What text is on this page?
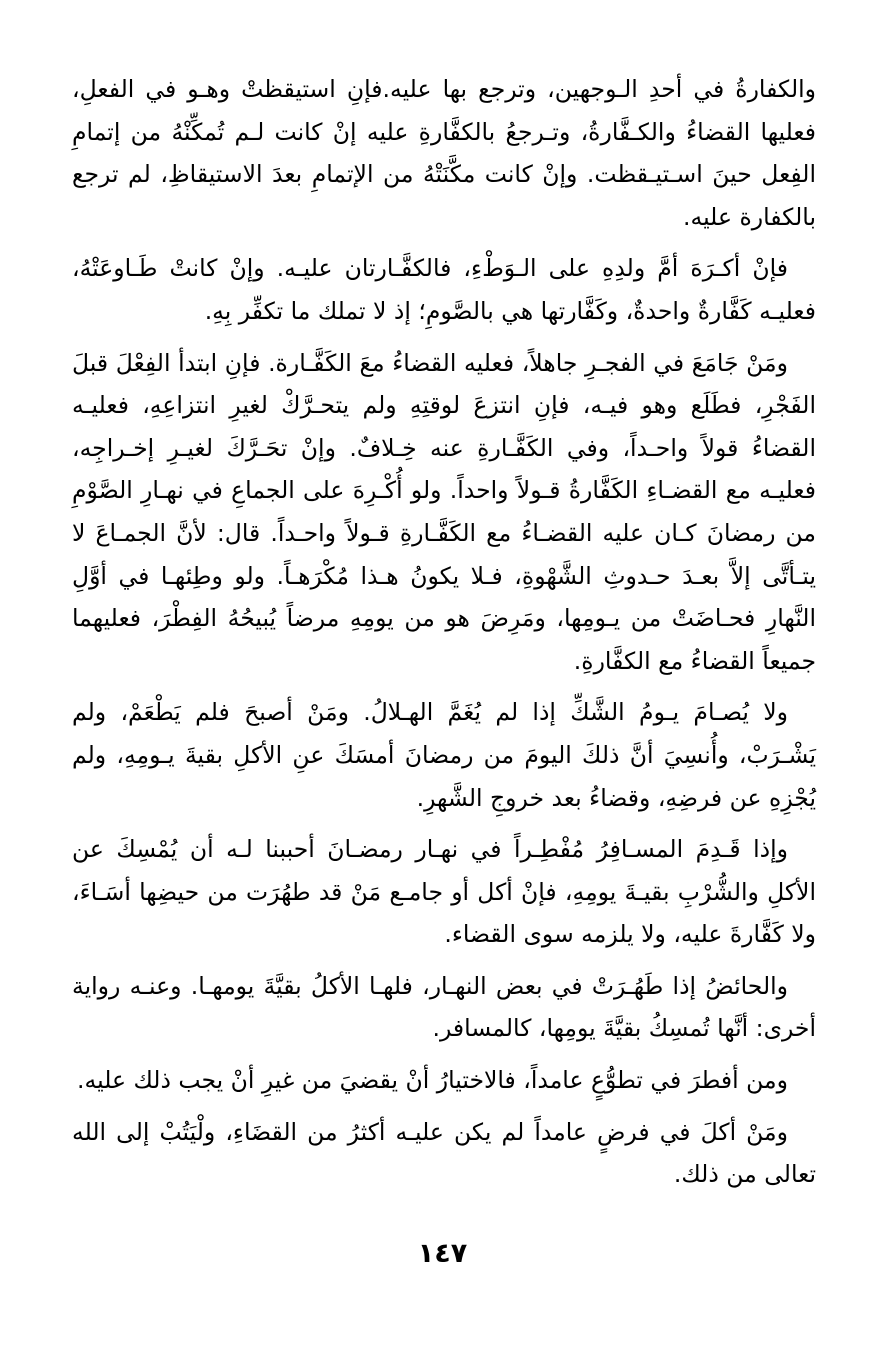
والكفارةُ في أحدِ الـوجهين، وترجع بها عليه.فإنِ استيقظتْ وهـو في الفعلِ، فعليها القضاءُ والكـفَّارةُ، وتـرجعُ بالكفَّارةِ عليه إنْ كانت لـم تُمكِّنْهُ من إتمامِ الفِعل حينَ اسـتيـقظت. وإنْ كانت مكَّنَتْهُ من الإتمامِ بعدَ الاستيقاظِ، لم ترجع بالكفارة عليه.

فإنْ أكـرَهَ أمَّ ولدِهِ على الـوَطْءِ، فالكفَّـارتان عليـه. وإنْ كانتْ طَـاوعَتْهُ، فعليـه كَفَّارةٌ واحدةٌ، وكَفَّارتها هي بالصَّومِ؛ إذ لا تملك ما تكفِّر بِهِ.

ومَنْ جَامَعَ في الفجـرِ جاهلاً، فعليه القضاءُ معَ الكَفَّـارة. فإنِ ابتدأ الفِعْلَ قبلَ الفَجْرِ، فطَلَع وهو فيـه، فإنِ انتزعَ لوقتِهِ ولم يتحـرَّكْ لغيرِ انتزاعِهِ، فعليـه القضاءُ قولاً واحـداً، وفي الكَفَّـارةِ عنه خِـلافٌ. وإنْ تحَـرَّكَ لغيـرِ إخـراجِه، فعليـه مع القضـاءِ الكَفَّارةُ قـولاً واحداً. ولو أُكْـرِهَ على الجماعِ في نهـارِ الصَّوْمِ من رمضانَ كـان عليه القضـاءُ مع الكَفَّـارةِ قـولاً واحـداً. قال: لأنَّ الجمـاعَ لا يتـأتَّى إلاَّ بعـدَ حـدوثِ الشَّهْوةِ، فـلا يكونُ هـذا مُكْرَهـاً. ولو وطِئهـا في أوَّلِ النَّهارِ فحـاضَتْ من يـومِها، ومَرِضَ هو من يومِهِ مرضاً يُبيحُهُ الفِطْرَ، فعليهما جميعاً القضاءُ مع الكفَّارةِ.

ولا يُصـامَ يـومُ الشَّكِّ إذا لم يُغَمَّ الهـلالُ. ومَنْ أصبحَ فلم يَطْعَمْ، ولم يَشْـرَبْ، وأُنسِيَ أنَّ ذلكَ اليومَ من رمضانَ أمسَكَ عنِ الأكلِ بقيةَ يـومِهِ، ولم يُجْزِهِ عن فرضِهِ، وقضاءُ بعد خروجِ الشَّهرِ.

وإذا قَـدِمَ المسـافِرُ مُفْطِـراً في نهـار رمضـانَ أحببنا لـه أن يُمْسِكَ عن الأكلِ والشُّرْبِ بقيـةَ يومِهِ، فإنْ أكل أو جامـع مَنْ قد طهُرَت من حيضِها أسَـاءَ، ولا كَفَّارةَ عليه، ولا يلزمه سوى القضاء.

والحائضُ إذا طَهُـرَتْ في بعض النهـار، فلهـا الأكلُ بقيَّةَ يومهـا. وعنـه رواية أخرى: أنَّها تُمسِكُ بقيَّةَ يومِها، كالمسافر.

ومن أفطرَ في تطوُّعٍ عامداً، فالاختيارُ أنْ يقضيَ من غيرِ أنْ يجب ذلك عليه.

ومَنْ أكلَ في فرضٍ عامداً لم يكن عليـه أكثرُ من القضَاءِ، ولْيَتُبْ إلى الله تعالى من ذلك.

١٤٧
